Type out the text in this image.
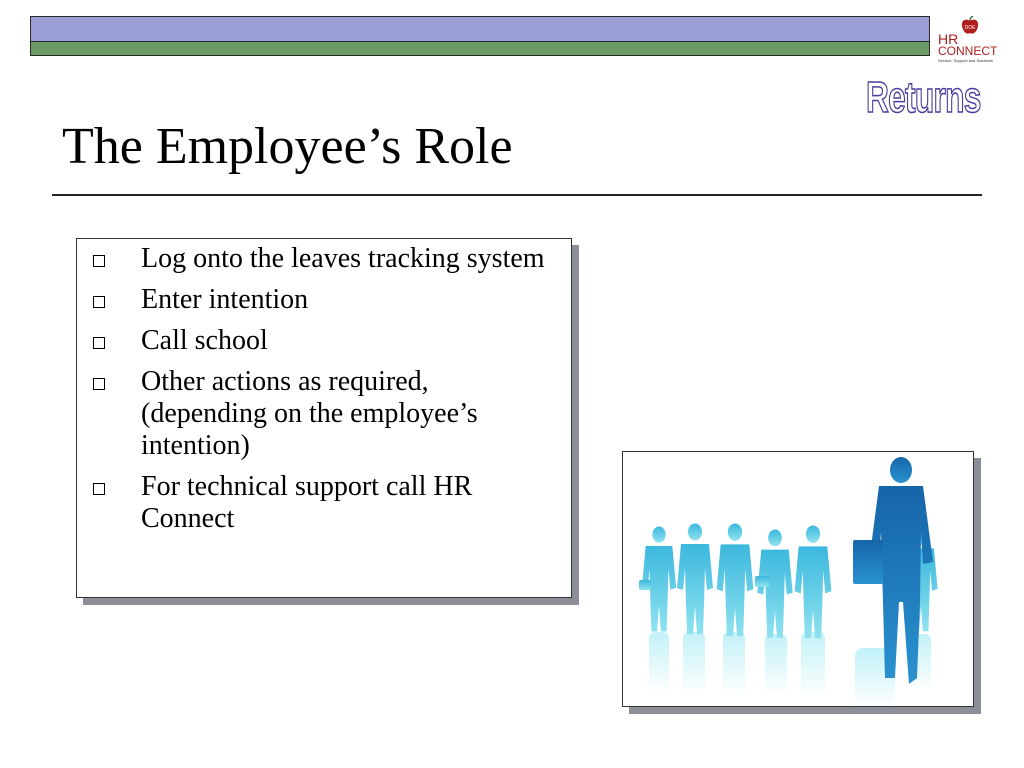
DOE
HR
CONNECT
Service, Support and Solutions
Returns
The Employee’s Role
Log onto the leaves tracking system
Enter intention
Call school
Other actions as required, (depending on the employee’s intention)
For technical support call HR Connect
